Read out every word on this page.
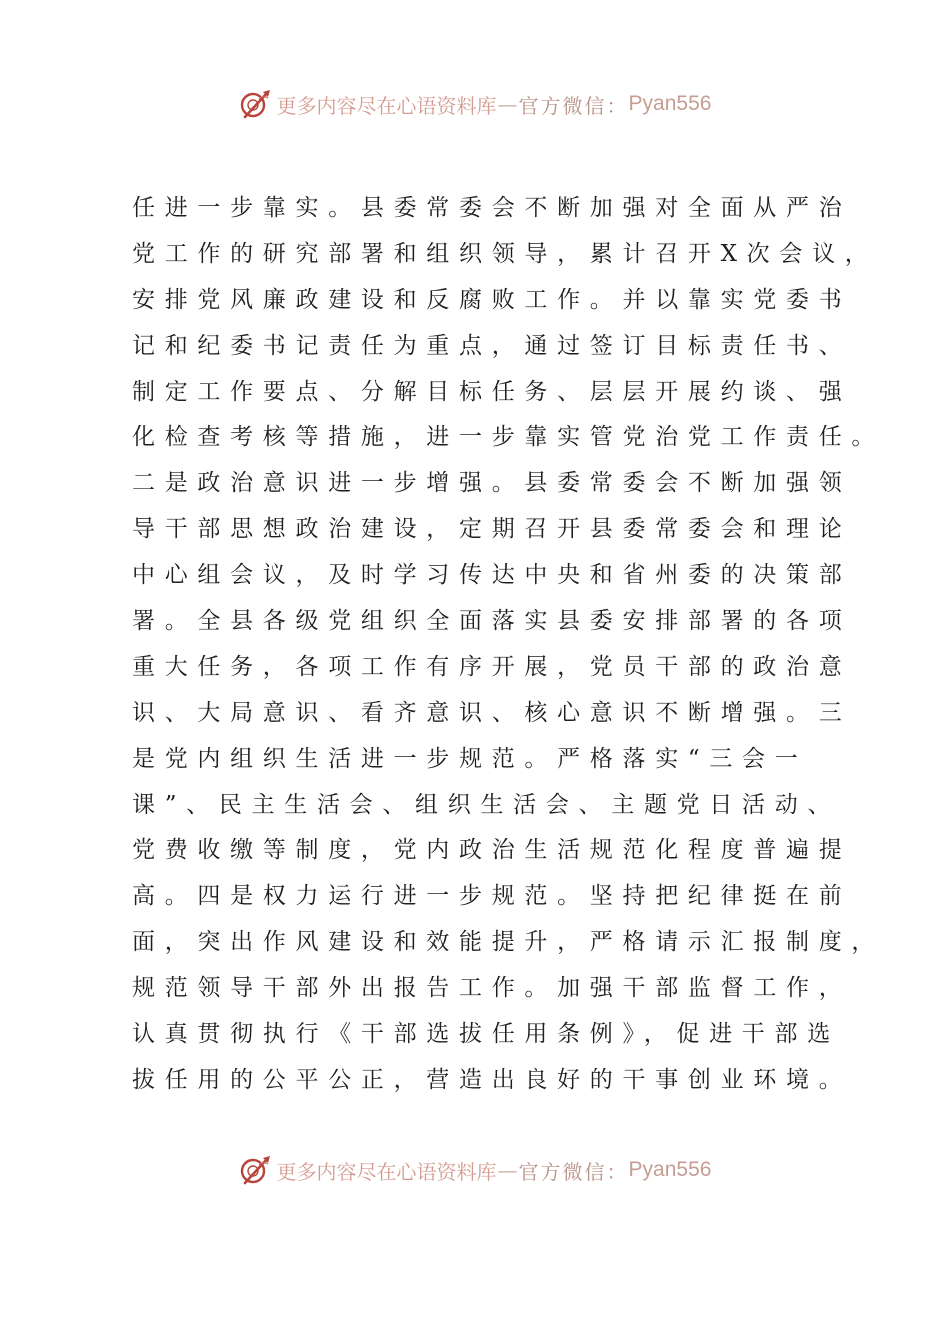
更多内容尽在心语资料库 — 官方微信： Pyan556
任进一步靠实。县委常委会不断加强对全面从严治
党工作的研究部署和组织领导，累计召开X次会议，
安排党风廉政建设和反腐败工作。并以靠实党委书
记和纪委书记责任为重点，通过签订目标责任书、
制定工作要点、分解目标任务、层层开展约谈、强
化检查考核等措施，进一步靠实管党治党工作责任。
二是政治意识进一步增强。县委常委会不断加强领
导干部思想政治建设，定期召开县委常委会和理论
中心组会议，及时学习传达中央和省州委的决策部
署。全县各级党组织全面落实县委安排部署的各项
重大任务，各项工作有序开展，党员干部的政治意
识、大局意识、看齐意识、核心意识不断增强。三
是党内组织生活进一步规范。严格落实“三会一
课”、民主生活会、组织生活会、主题党日活动、
党费收缴等制度，党内政治生活规范化程度普遍提
高。四是权力运行进一步规范。坚持把纪律挺在前
面，突出作风建设和效能提升，严格请示汇报制度，
规范领导干部外出报告工作。加强干部监督工作，
认真贯彻执行《干部选拔任用条例》，促进干部选
拔任用的公平公正，营造出良好的干事创业环境。
更多内容尽在心语资料库 — 官方微信： Pyan556
